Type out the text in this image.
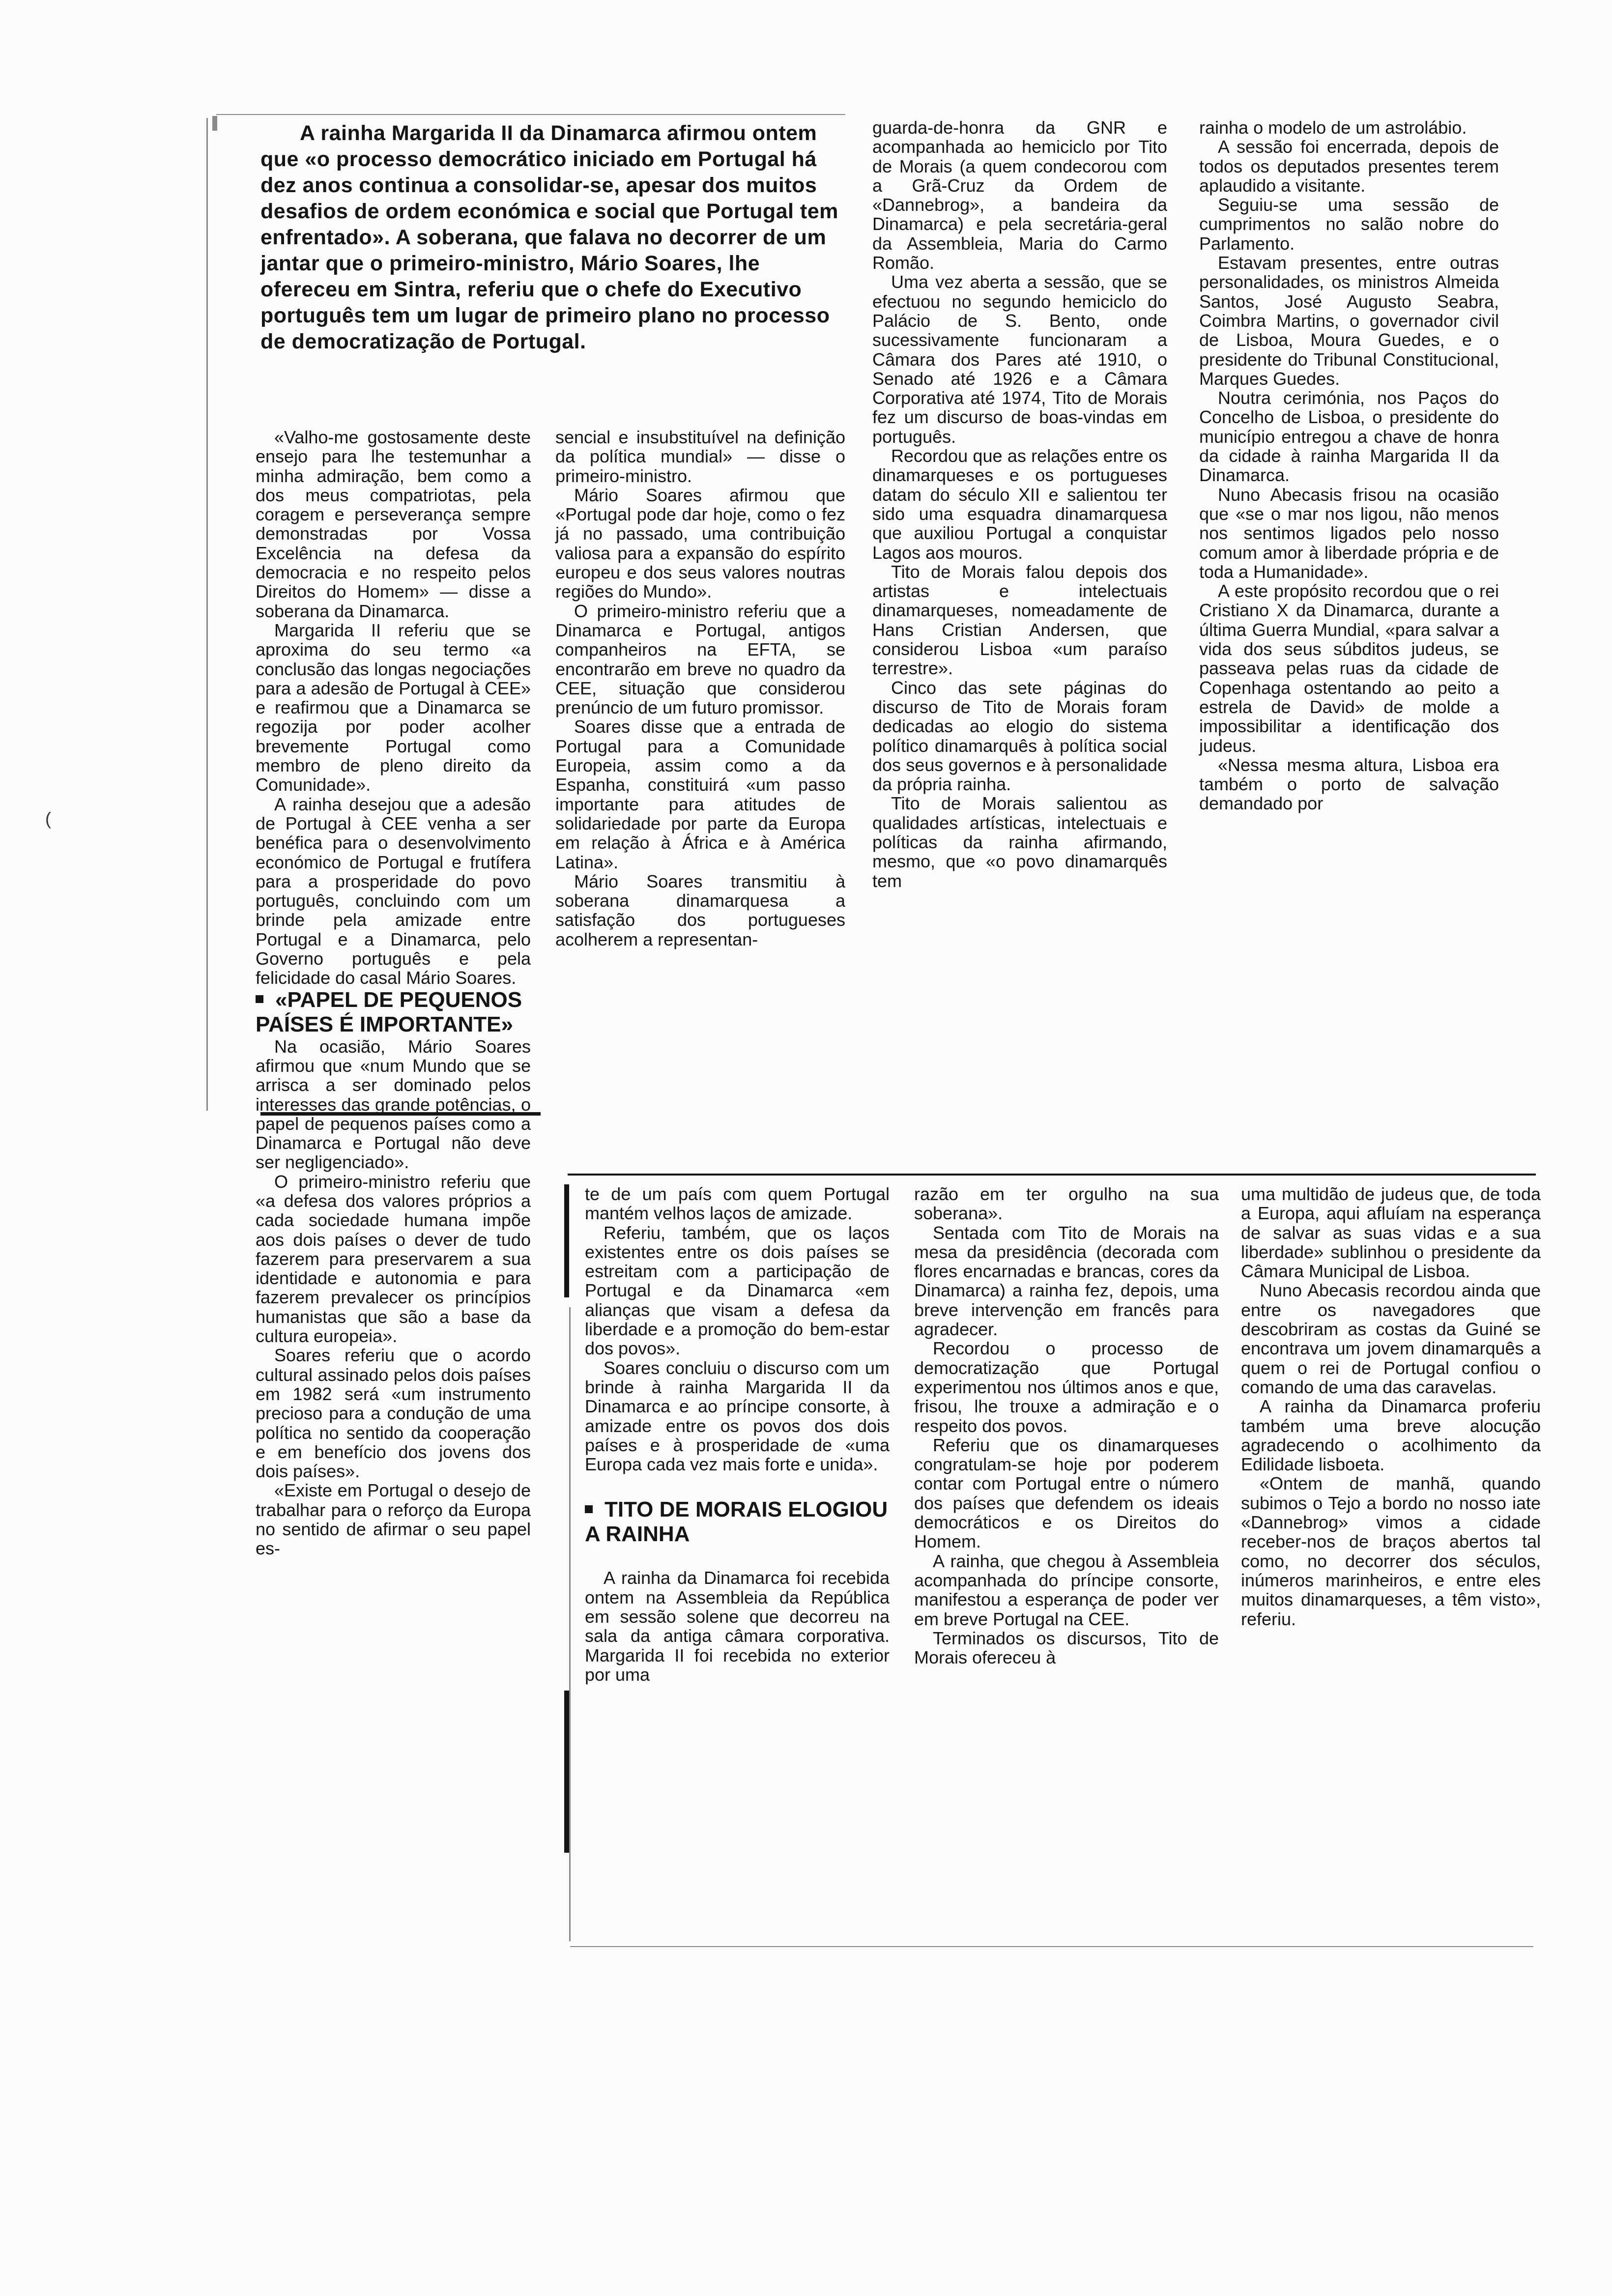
(

A rainha Margarida II da Dinamarca afirmou ontem que «o processo democrático iniciado em Portugal há dez anos continua a consolidar-se, apesar dos muitos desafios de ordem económica e social que Portugal tem enfrentado». A soberana, que falava no decorrer de um jantar que o primeiro-ministro, Mário Soares, lhe ofereceu em Sintra, referiu que o chefe do Executivo português tem um lugar de primeiro plano no processo de democratização de Portugal.

«Valho-me gostosamente deste ensejo para lhe testemunhar a minha admiração, bem como a dos meus compatriotas, pela coragem e perseverança sempre demonstradas por Vossa Excelência na defesa da democracia e no respeito pelos Direitos do Homem» — disse a soberana da Dinamarca.

Margarida II referiu que se aproxima do seu termo «a conclusão das longas negociações para a adesão de Portugal à CEE» e reafirmou que a Dinamarca se regozija por poder acolher brevemente Portugal como membro de pleno direito da Comunidade».

A rainha desejou que a adesão de Portugal à CEE venha a ser benéfica para o desenvolvimento económico de Portugal e frutífera para a prosperidade do povo português, concluindo com um brinde pela amizade entre Portugal e a Dinamarca, pelo Governo português e pela felicidade do casal Mário Soares.

«PAPEL DE PEQUENOS PAÍSES É IMPORTANTE»

Na ocasião, Mário Soares afirmou que «num Mundo que se arrisca a ser dominado pelos interesses das grande potências, o papel de pequenos países como a Dinamarca e Portugal não deve ser negligenciado».

O primeiro-ministro referiu que «a defesa dos valores próprios a cada sociedade humana impõe aos dois países o dever de tudo fazerem para preservarem a sua identidade e autonomia e para fazerem prevalecer os princípios humanistas que são a base da cultura europeia».

Soares referiu que o acordo cultural assinado pelos dois países em 1982 será «um instrumento precioso para a condução de uma política no sentido da cooperação e em benefício dos jovens dos dois países».

«Existe em Portugal o desejo de trabalhar para o reforço da Europa no sentido de afirmar o seu papel es-

sencial e insubstituível na definição da política mundial» — disse o primeiro-ministro.

Mário Soares afirmou que «Portugal pode dar hoje, como o fez já no passado, uma contribuição valiosa para a expansão do espírito europeu e dos seus valores noutras regiões do Mundo».

O primeiro-ministro referiu que a Dinamarca e Portugal, antigos companheiros na EFTA, se encontrarão em breve no quadro da CEE, situação que considerou prenúncio de um futuro promissor.

Soares disse que a entrada de Portugal para a Comunidade Europeia, assim como a da Espanha, constituirá «um passo importante para atitudes de solidariedade por parte da Europa em relação à África e à América Latina».

Mário Soares transmitiu à soberana dinamarquesa a satisfação dos portugueses acolherem a representan-

guarda-de-honra da GNR e acompanhada ao hemiciclo por Tito de Morais (a quem condecorou com a Grã-Cruz da Ordem de «Dannebrog», a bandeira da Dinamarca) e pela secretária-geral da Assembleia, Maria do Carmo Romão.

Uma vez aberta a sessão, que se efectuou no segundo hemiciclo do Palácio de S. Bento, onde sucessivamente funcionaram a Câmara dos Pares até 1910, o Senado até 1926 e a Câmara Corporativa até 1974, Tito de Morais fez um discurso de boas-vindas em português.

Recordou que as relações entre os dinamarqueses e os portugueses datam do século XII e salientou ter sido uma esquadra dinamarquesa que auxiliou Portugal a conquistar Lagos aos mouros.

Tito de Morais falou depois dos artistas e intelectuais dinamarqueses, nomeadamente de Hans Cristian Andersen, que considerou Lisboa «um paraíso terrestre».

Cinco das sete páginas do discurso de Tito de Morais foram dedicadas ao elogio do sistema político dinamarquês à política social dos seus governos e à personalidade da própria rainha.

Tito de Morais salientou as qualidades artísticas, intelectuais e políticas da rainha afirmando, mesmo, que «o povo dinamarquês tem

rainha o modelo de um astrolábio.

A sessão foi encerrada, depois de todos os deputados presentes terem aplaudido a visitante.

Seguiu-se uma sessão de cumprimentos no salão nobre do Parlamento.

Estavam presentes, entre outras personalidades, os ministros Almeida Santos, José Augusto Seabra, Coimbra Martins, o governador civil de Lisboa, Moura Guedes, e o presidente do Tribunal Constitucional, Marques Guedes.

Noutra cerimónia, nos Paços do Concelho de Lisboa, o presidente do município entregou a chave de honra da cidade à rainha Margarida II da Dinamarca.

Nuno Abecasis frisou na ocasião que «se o mar nos ligou, não menos nos sentimos ligados pelo nosso comum amor à liberdade própria e de toda a Humanidade».

A este propósito recordou que o rei Cristiano X da Dinamarca, durante a última Guerra Mundial, «para salvar a vida dos seus súbditos judeus, se passeava pelas ruas da cidade de Copenhaga ostentando ao peito a estrela de David» de molde a impossibilitar a identificação dos judeus.

«Nessa mesma altura, Lisboa era também o porto de salvação demandado por

te de um país com quem Portugal mantém velhos laços de amizade.

Referiu, também, que os laços existentes entre os dois países se estreitam com a participação de Portugal e da Dinamarca «em alianças que visam a defesa da liberdade e a promoção do bem-estar dos povos».

Soares concluiu o discurso com um brinde à rainha Margarida II da Dinamarca e ao príncipe consorte, à amizade entre os povos dos dois países e à prosperidade de «uma Europa cada vez mais forte e unida».

TITO DE MORAIS ELOGIOU A RAINHA

A rainha da Dinamarca foi recebida ontem na Assembleia da República em sessão solene que decorreu na sala da antiga câmara corporativa. Margarida II foi recebida no exterior por uma

razão em ter orgulho na sua soberana».

Sentada com Tito de Morais na mesa da presidência (decorada com flores encarnadas e brancas, cores da Dinamarca) a rainha fez, depois, uma breve intervenção em francês para agradecer.

Recordou o processo de democratização que Portugal experimentou nos últimos anos e que, frisou, lhe trouxe a admiração e o respeito dos povos.

Referiu que os dinamarqueses congratulam-se hoje por poderem contar com Portugal entre o número dos países que defendem os ideais democráticos e os Direitos do Homem.

A rainha, que chegou à Assembleia acompanhada do príncipe consorte, manifestou a esperança de poder ver em breve Portugal na CEE.

Terminados os discursos, Tito de Morais ofereceu à

uma multidão de judeus que, de toda a Europa, aqui afluíam na esperança de salvar as suas vidas e a sua liberdade» sublinhou o presidente da Câmara Municipal de Lisboa.

Nuno Abecasis recordou ainda que entre os navegadores que descobriram as costas da Guiné se encontrava um jovem dinamarquês a quem o rei de Portugal confiou o comando de uma das caravelas.

A rainha da Dinamarca proferiu também uma breve alocução agradecendo o acolhimento da Edilidade lisboeta.

«Ontem de manhã, quando subimos o Tejo a bordo no nosso iate «Dannebrog» vimos a cidade receber-nos de braços abertos tal como, no decorrer dos séculos, inúmeros marinheiros, e entre eles muitos dinamarqueses, a têm visto», referiu.
